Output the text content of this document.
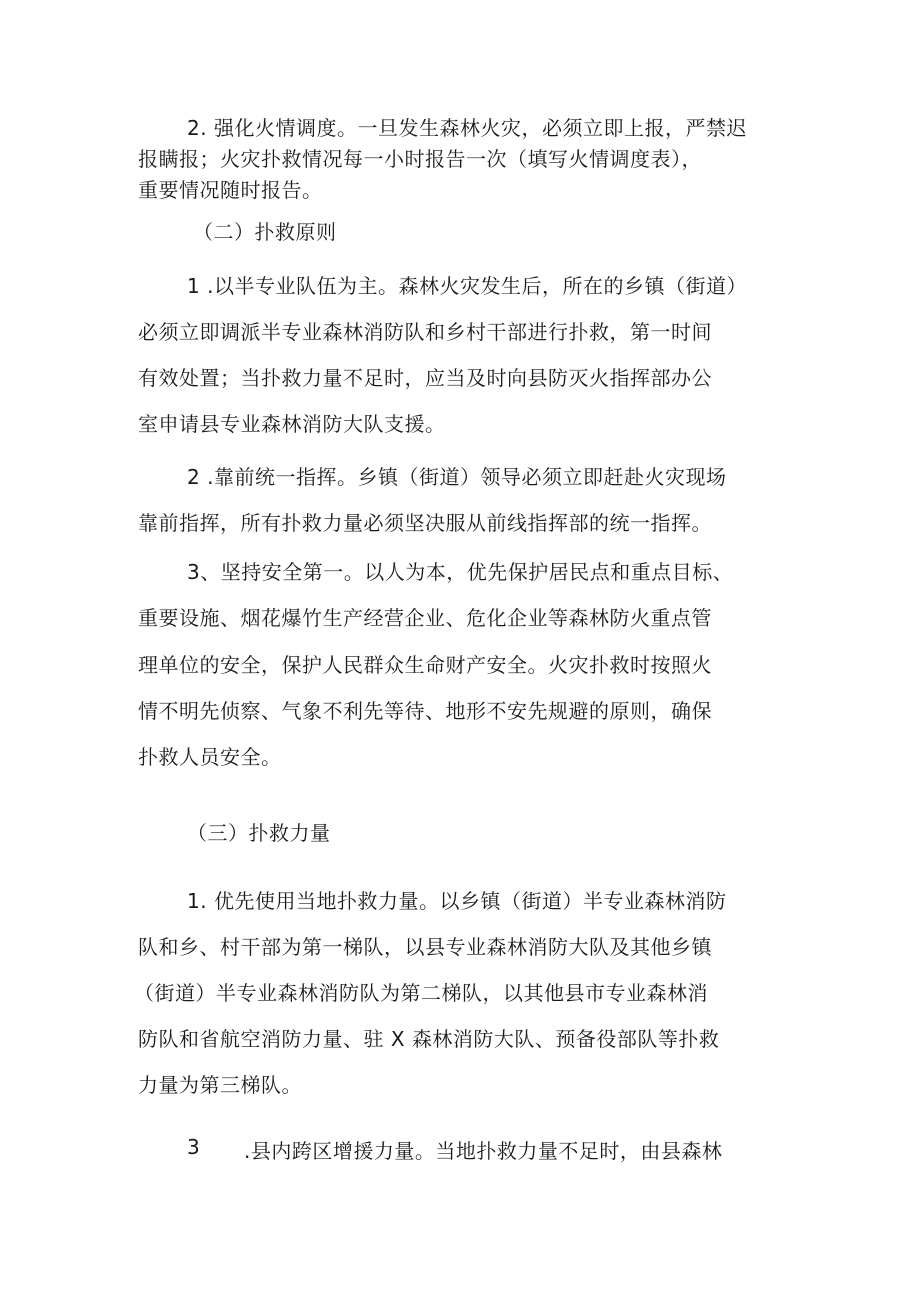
2. 强化火情调度。一旦发生森林火灾，必须立即上报，严禁迟
报瞒报；火灾扑救情况每一小时报告一次（填写火情调度表），
重要情况随时报告。
（二）扑救原则
1 .以半专业队伍为主。森林火灾发生后，所在的乡镇（街道）
必须立即调派半专业森林消防队和乡村干部进行扑救，第一时间
有效处置；当扑救力量不足时，应当及时向县防灭火指挥部办公
室申请县专业森林消防大队支援。
2 .靠前统一指挥。乡镇（街道）领导必须立即赶赴火灾现场
靠前指挥，所有扑救力量必须坚决服从前线指挥部的统一指挥。
3、坚持安全第一。以人为本，优先保护居民点和重点目标、
重要设施、烟花爆竹生产经营企业、危化企业等森林防火重点管
理单位的安全，保护人民群众生命财产安全。火灾扑救时按照火
情不明先侦察、气象不利先等待、地形不安先规避的原则，确保
扑救人员安全。
（三）扑救力量
1. 优先使用当地扑救力量。以乡镇（街道）半专业森林消防
队和乡、村干部为第一梯队，以县专业森林消防大队及其他乡镇
（街道）半专业森林消防队为第二梯队，以其他县市专业森林消
防队和省航空消防力量、驻 X 森林消防大队、预备役部队等扑救
力量为第三梯队。
3 .县内跨区增援力量。当地扑救力量不足时，由县森林
